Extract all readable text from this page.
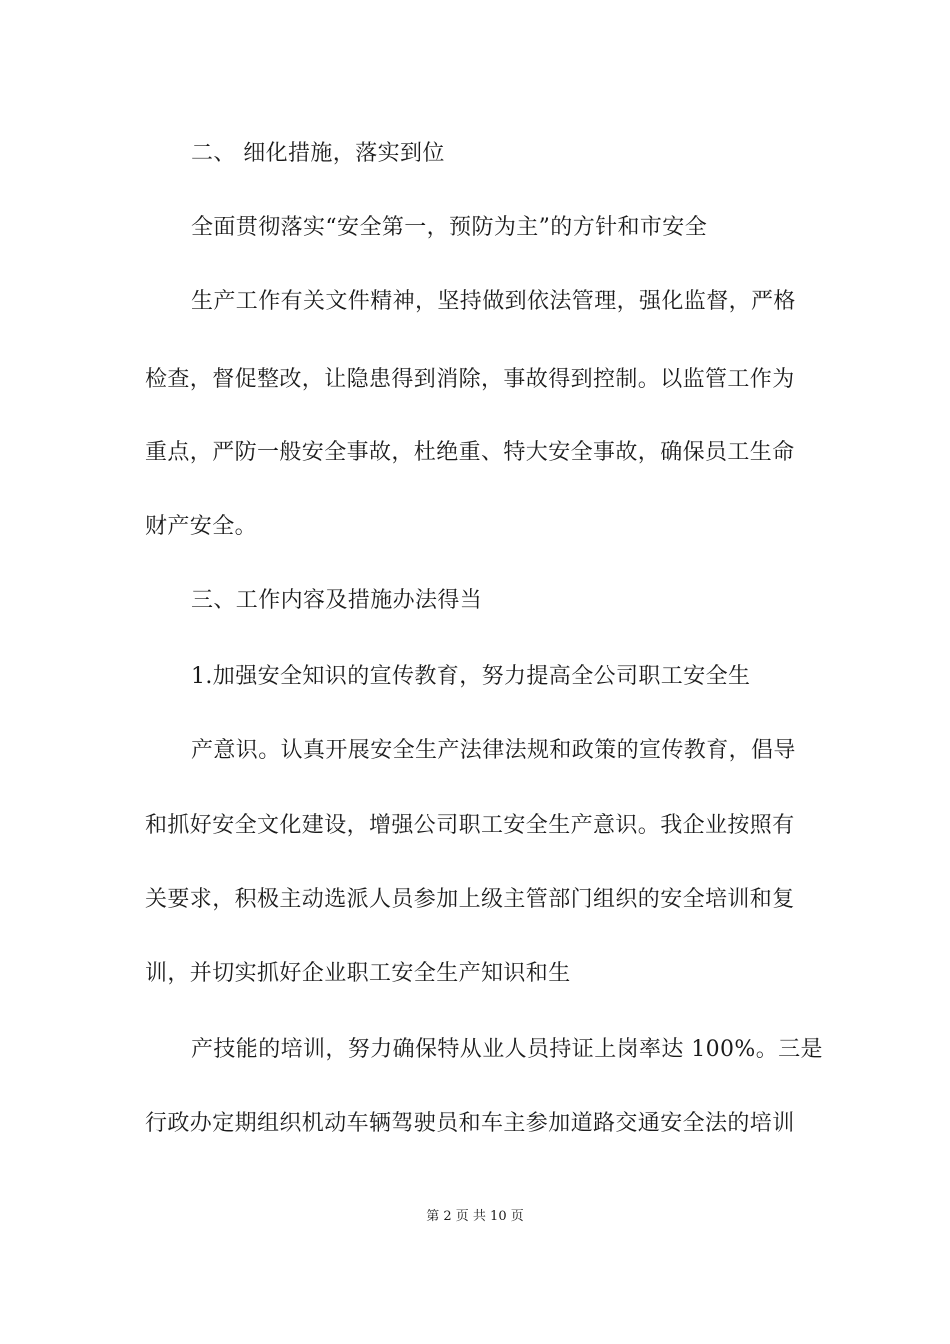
二、 细化措施，落实到位
全面贯彻落实“安全第一，预防为主”的方针和市安全
生产工作有关文件精神，坚持做到依法管理，强化监督，严格
检查，督促整改，让隐患得到消除，事故得到控制。以监管工作为
重点，严防一般安全事故，杜绝重、特大安全事故，确保员工生命
财产安全。
三、工作内容及措施办法得当
1.加强安全知识的宣传教育，努力提高全公司职工安全生
产意识。认真开展安全生产法律法规和政策的宣传教育，倡导
和抓好安全文化建设，增强公司职工安全生产意识。我企业按照有
关要求，积极主动选派人员参加上级主管部门组织的安全培训和复
训，并切实抓好企业职工安全生产知识和生
产技能的培训，努力确保特从业人员持证上岗率达 100%。三是
行政办定期组织机动车辆驾驶员和车主参加道路交通安全法的培训
第 2 页 共 10 页
